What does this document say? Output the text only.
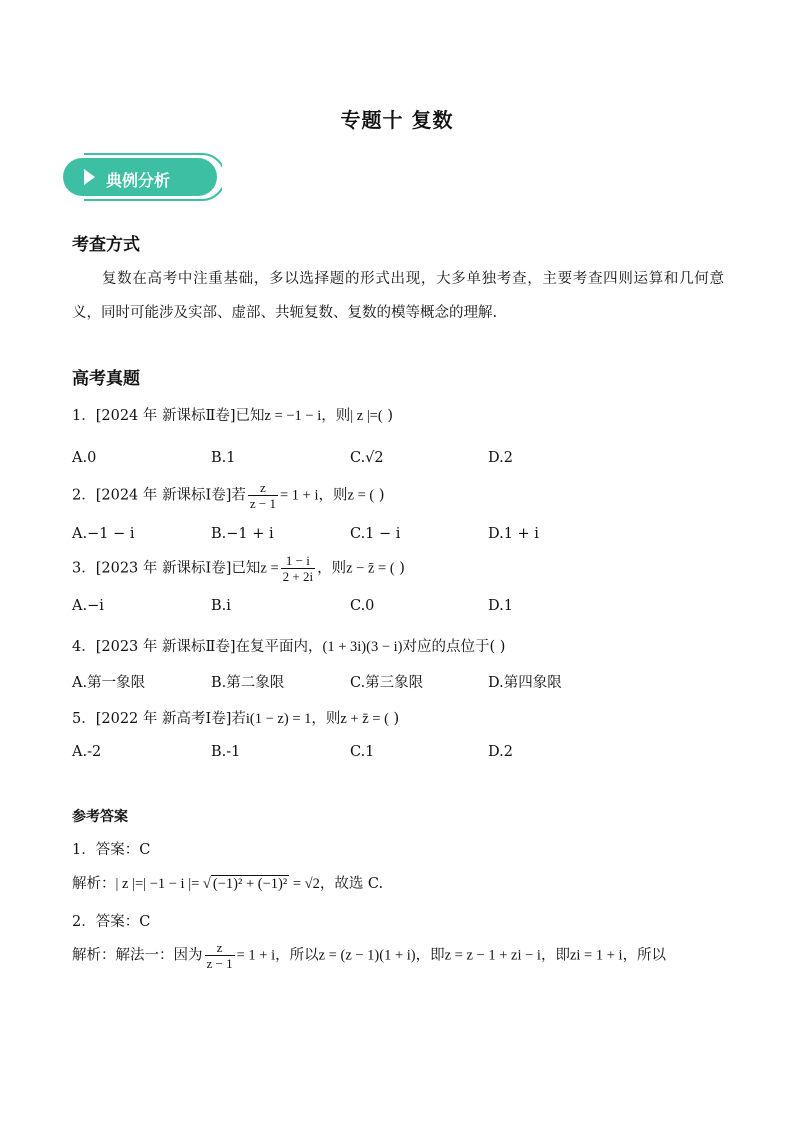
专题十 复数
典例分析
考查方式
复数在高考中注重基础，多以选择题的形式出现，大多单独考查，主要考查四则运算和几何意义，同时可能涉及实部、虚部、共轭复数、复数的模等概念的理解.
高考真题
1．[2024 年 新课标Ⅱ卷]已知z = −1 − i，则| z |=( )
A.0	B.1	C.√2	D.2
2．[2024 年 新课标Ⅰ卷]若 $\frac{z}{z - 1} = 1 + i$，则z = ( )
A.−1 − i	B.−1 + i	C.1 − i	D.1 + i
3．[2023 年 新课标Ⅰ卷]已知$z = \frac{1 - i}{2 + 2i}$ ，则z − z̄ = ( )
A.−i	B.i	C.0	D.1
4．[2023 年 新课标Ⅱ卷]在复平面内，(1 + 3i)(3 − i)对应的点位于( )
A.第一象限	B.第二象限	C.第三象限	D.第四象限
5．[2022 年 新高考Ⅰ卷]若i(1 − z) = 1，则z + z̄ = ( )
A.-2	B.-1	C.1	D.2
参考答案
1．答案：C
解析：| z |=| −1 − i |= √ (−1)² + (−1)² = √2，故选 C.
2．答案：C
解析：解法一：因为 $\frac{z}{z - 1} = 1 + i$，所以z = (z − 1)(1 + i)，即z = z − 1 + zi − i，即zi = 1 + i，所以
